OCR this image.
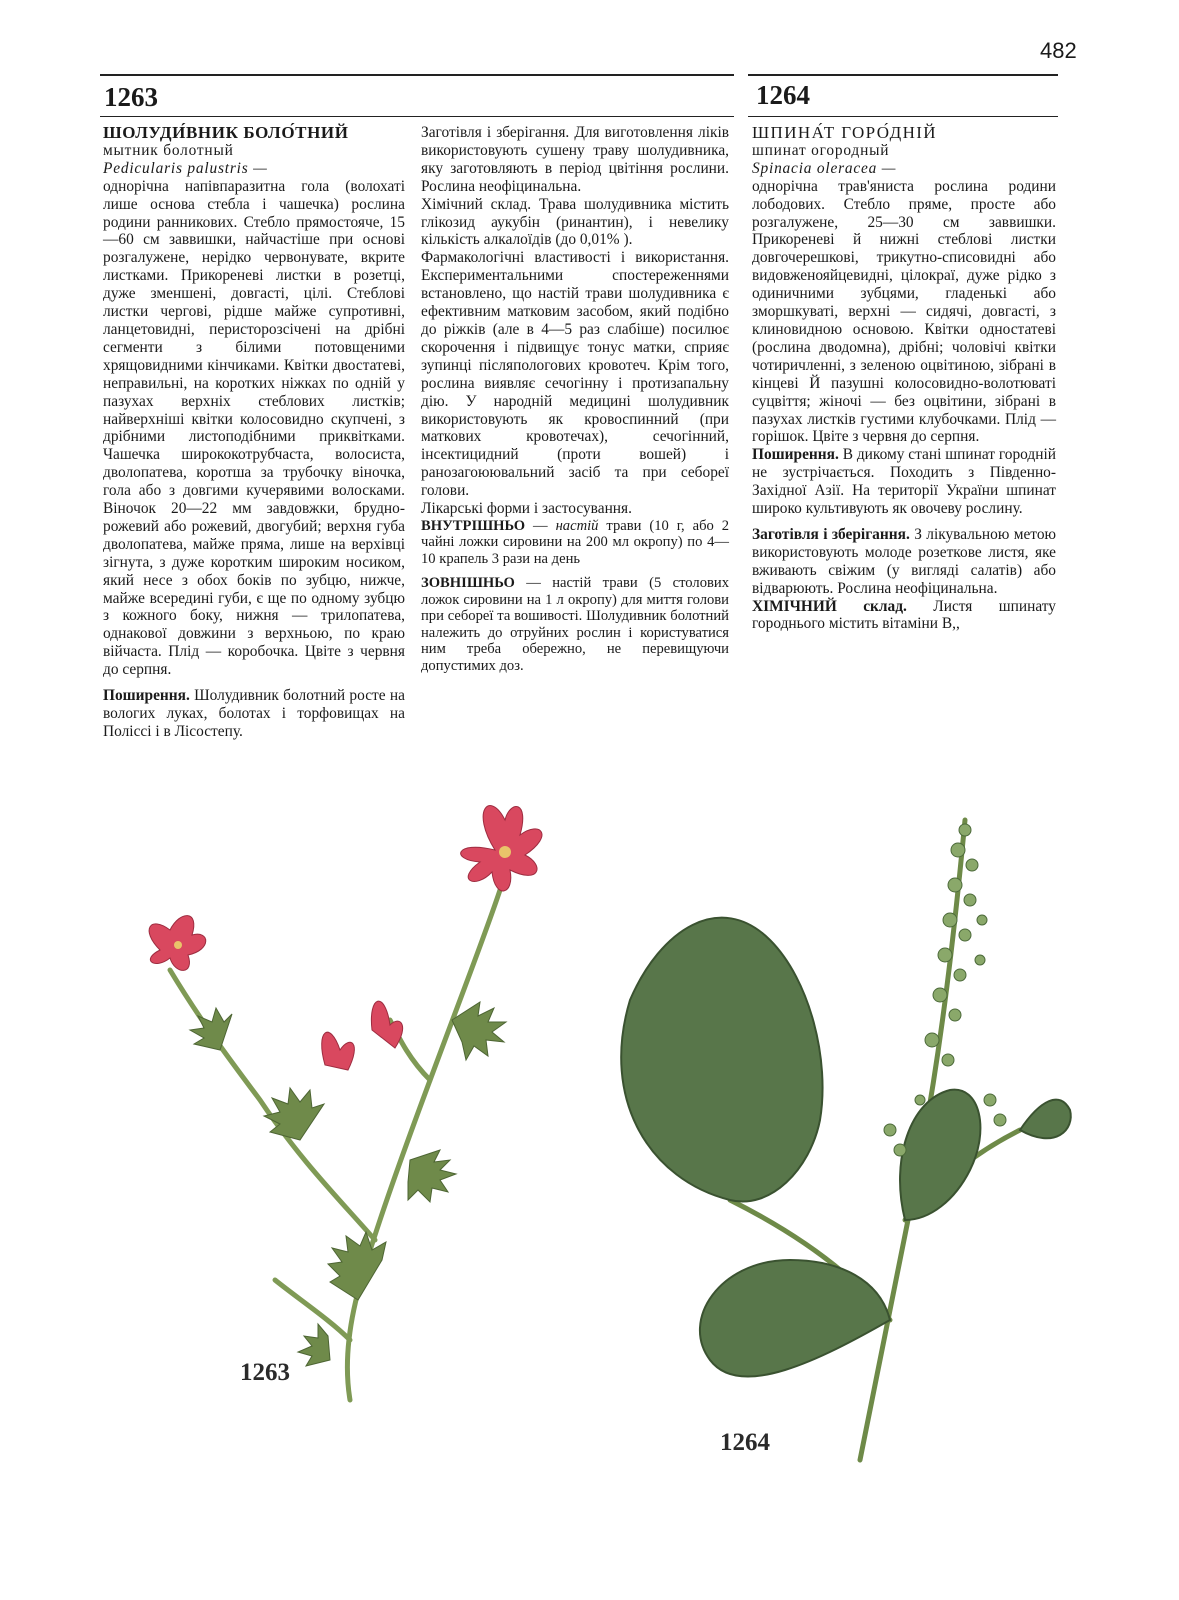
482
1263	1264

ШОЛУДИ́ВНИК БОЛО́ТНИЙ

мытник болотный

Pedicularis palustris —

однорічна напівпаразитна гола (волохаті лише основа стебла і чашечка) рослина родини ранникових. Стебло прямостояче, 15—60 см заввишки, найчастіше при основі розгалужене, нерідко червонувате, вкрите листками. Прикореневі листки в розетці, дуже зменшені, довгасті, цілі. Стеблові листки чергові, рідше майже супротивні, ланцетовидні, перисторозсічені на дрібні сегменти з білими потовщеними хрящовидними кінчиками. Квітки двостатеві, неправильні, на коротких ніжках по одній у пазухах верхніх стеблових листків; найверхніші квітки колосовидно скупчені, з дрібними листоподібними приквітками. Чашечка ширококотрубчаста, волосиста, дволопатева, коротша за трубочку віночка, гола або з довгими кучерявими волосками. Віночок 20—22 мм завдовжки, бруднорожевий або рожевий, двогубий; верхня губа дволопатева, майже пряма, лише на верхівці зігнута, з дуже коротким широким носиком, який несе з обох боків по зубцю, нижче, майже всередині губи, є ще по одному зубцю з кожного боку, нижня — трилопатева, однакової довжини з верхньою, по краю війчаста. Плід — коробочка. Цвіте з червня до серпня.

Поширення. Шолудивник болотний росте на вологих луках, болотах і торфовищах на Поліссі і в Лісостепу.

Заготівля і зберігання. Для виготовлення ліків використовують сушену траву шолудивника, яку заготовляють в період цвітіння рослини. Рослина неофіцинальна.

Хімічний склад. Трава шолудивника містить глікозид аукубін (ринантин), і невелику кількість алкалоїдів (до 0,01% ).

Фармакологічні властивості і використання. Експериментальними спостереженнями встановлено, що настій трави шолудивника є ефективним матковим засобом, який подібно до ріжків (але в 4—5 раз слабіше) посилює скорочення і підвищує тонус матки, сприяє зупинці післяпологових кровотеч. Крім того, рослина виявляє сечогінну і протизапальну дію. У народній медицині шолудивник використовують як кровоспинний (при маткових кровотечах), сечогінний, інсектицидний (проти вошей) і ранозагоюювальний засіб та при себореї голови.

Лікарські форми і застосування.

ВНУТРІШНЬО — настій трави (10 г, або 2 чайні ложки сировини на 200 мл окропу) по 4—10 крапель 3 рази на день

ЗОВНІШНЬО — настій трави (5 столових ложок сировини на 1 л окропу) для миття голови при себореї та вошивості. Шолудивник болотний належить до отруйних рослин і користуватися ним треба обережно, не перевищуючи допустимих доз.

ШПИНА́Т ГОРО́ДНІЙ

шпинат огородный

Spinacia oleracea —

однорічна трав'яниста рослина родини лободових. Стебло пряме, просте або розгалужене, 25—30 см заввишки. Прикореневі й нижні стеблові листки довгочерешкові, трикутно-списовидні або видовженояйцевидні, цілокраї, дуже рідко з одиничними зубцями, гладенькі або зморшкуваті, верхні — сидячі, довгасті, з клиновидною основою. Квітки одностатеві (рослина дводомна), дрібні; чоловічі квітки чотиричленні, з зеленою оцвітиною, зібрані в кінцеві Й пазушні колосовидно-волотюваті суцвіття; жіночі — без оцвітини, зібрані в пазухах листків густими клубочками. Плід — горішок. Цвіте з червня до серпня.

Поширення. В дикому стані шпинат городній не зустрічається. Походить з Південно-Західної Азії. На території України шпинат широко культивують як овочеву рослину.

Заготівля і зберігання. З лікувальною метою використовують молоде розеткове листя, яке вживають свіжим (у вигляді салатів) або відварюють. Рослина неофіцинальна.

ХІМІЧНИЙ склад. Листя шпинату городнього містить вітаміни В,,

1263
1264
